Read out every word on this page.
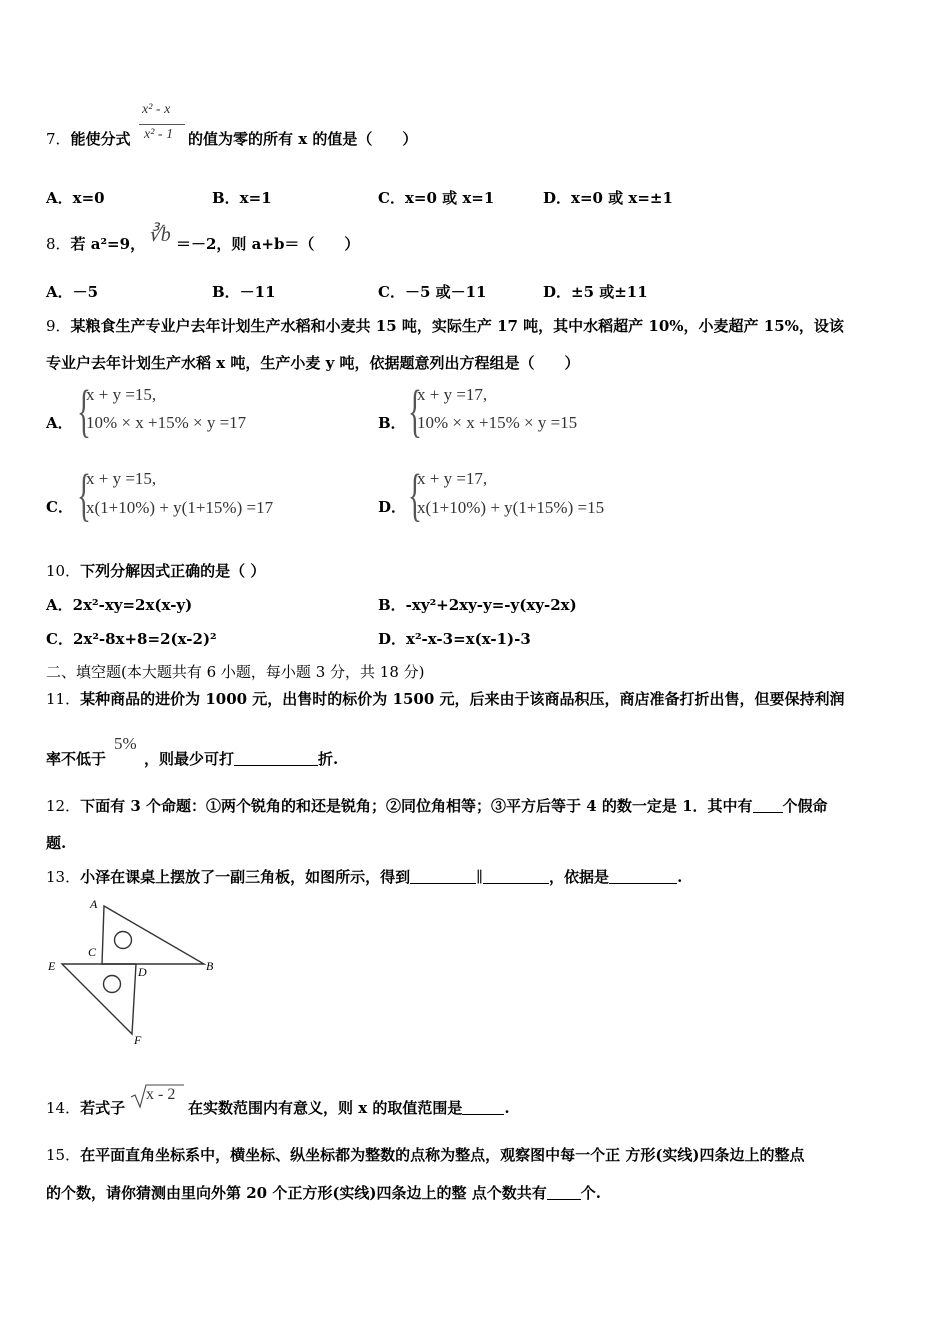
7．能使分式
x² - x
x² - 1 的值为零的所有 x 的值是（　　）
A．x=0	B．x=1	C．x=0 或 x=1	D．x=0 或 x=±1
8．若 a²=9， ∛b ＝－2，则 a+b＝（　　）
A．－5	B．－11	C．－5 或－11	D．±5 或±11
9．某粮食生产专业户去年计划生产水稻和小麦共 15 吨，实际生产 17 吨，其中水稻超产 10%，小麦超产 15%，设该
专业户去年计划生产水稻 x 吨，生产小麦 y 吨，依据题意列出方程组是（　　）
A． {
x + y =15,
10% × x +15% × y =17	B． {
x + y =17,
10% × x +15% × y =15
C． {
x + y =15,
x(1+10%) + y(1+15%) =17	D． {
x + y =17,
x(1+10%) + y(1+15%) =15
10．下列分解因式正确的是（ ）
A．2x²-xy=2x(x-y)	B．-xy²+2xy-y=-y(xy-2x)
C．2x²-8x+8=2(x-2)²	D．x²-x-3=x(x-1)-3
二、填空题(本大题共有 6 小题，每小题 3 分，共 18 分)
11．某种商品的进价为 1000 元，出售时的标价为 1500 元，后来由于该商品积压，商店准备打折出售，但要保持利润
率不低于
5%
，则最少可打	折.
12．下面有 3 个命题：①两个锐角的和还是锐角；②同位角相等；③平方后等于 4 的数一定是 1．其中有 个假命
题.
13．小泽在课桌上摆放了一副三角板，如图所示，得到	∥	，依据是	.
A
B
C
D
E
F
14．若式子
x - 2
在实数范围内有意义，则 x 的取值范围是	.
15．在平面直角坐标系中，横坐标、纵坐标都为整数的点称为整点，观察图中每一个正 方形(实线)四条边上的整点
的个数，请你猜测由里向外第 20 个正方形(实线)四条边上的整 点个数共有 个.
